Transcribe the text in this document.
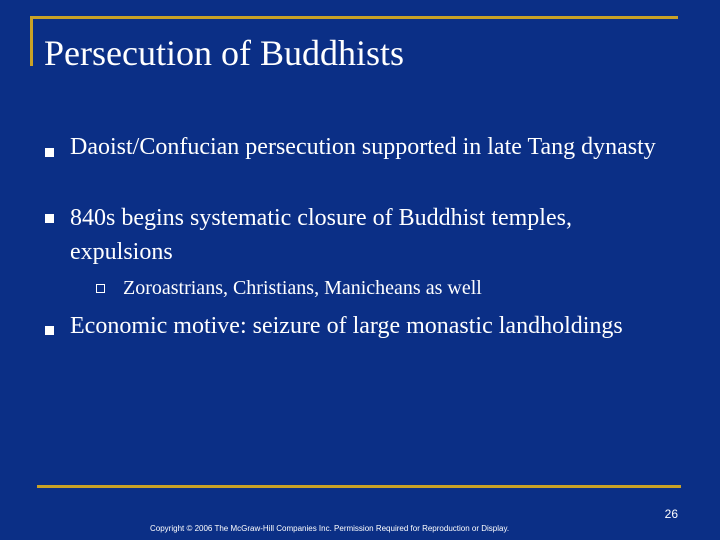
Persecution of Buddhists
Daoist/Confucian persecution supported in late Tang dynasty
840s begins systematic closure of Buddhist temples, expulsions
Zoroastrians, Christians, Manicheans as well
Economic motive: seizure of large monastic landholdings
26
Copyright © 2006 The McGraw-Hill Companies Inc. Permission Required for Reproduction or Display.
